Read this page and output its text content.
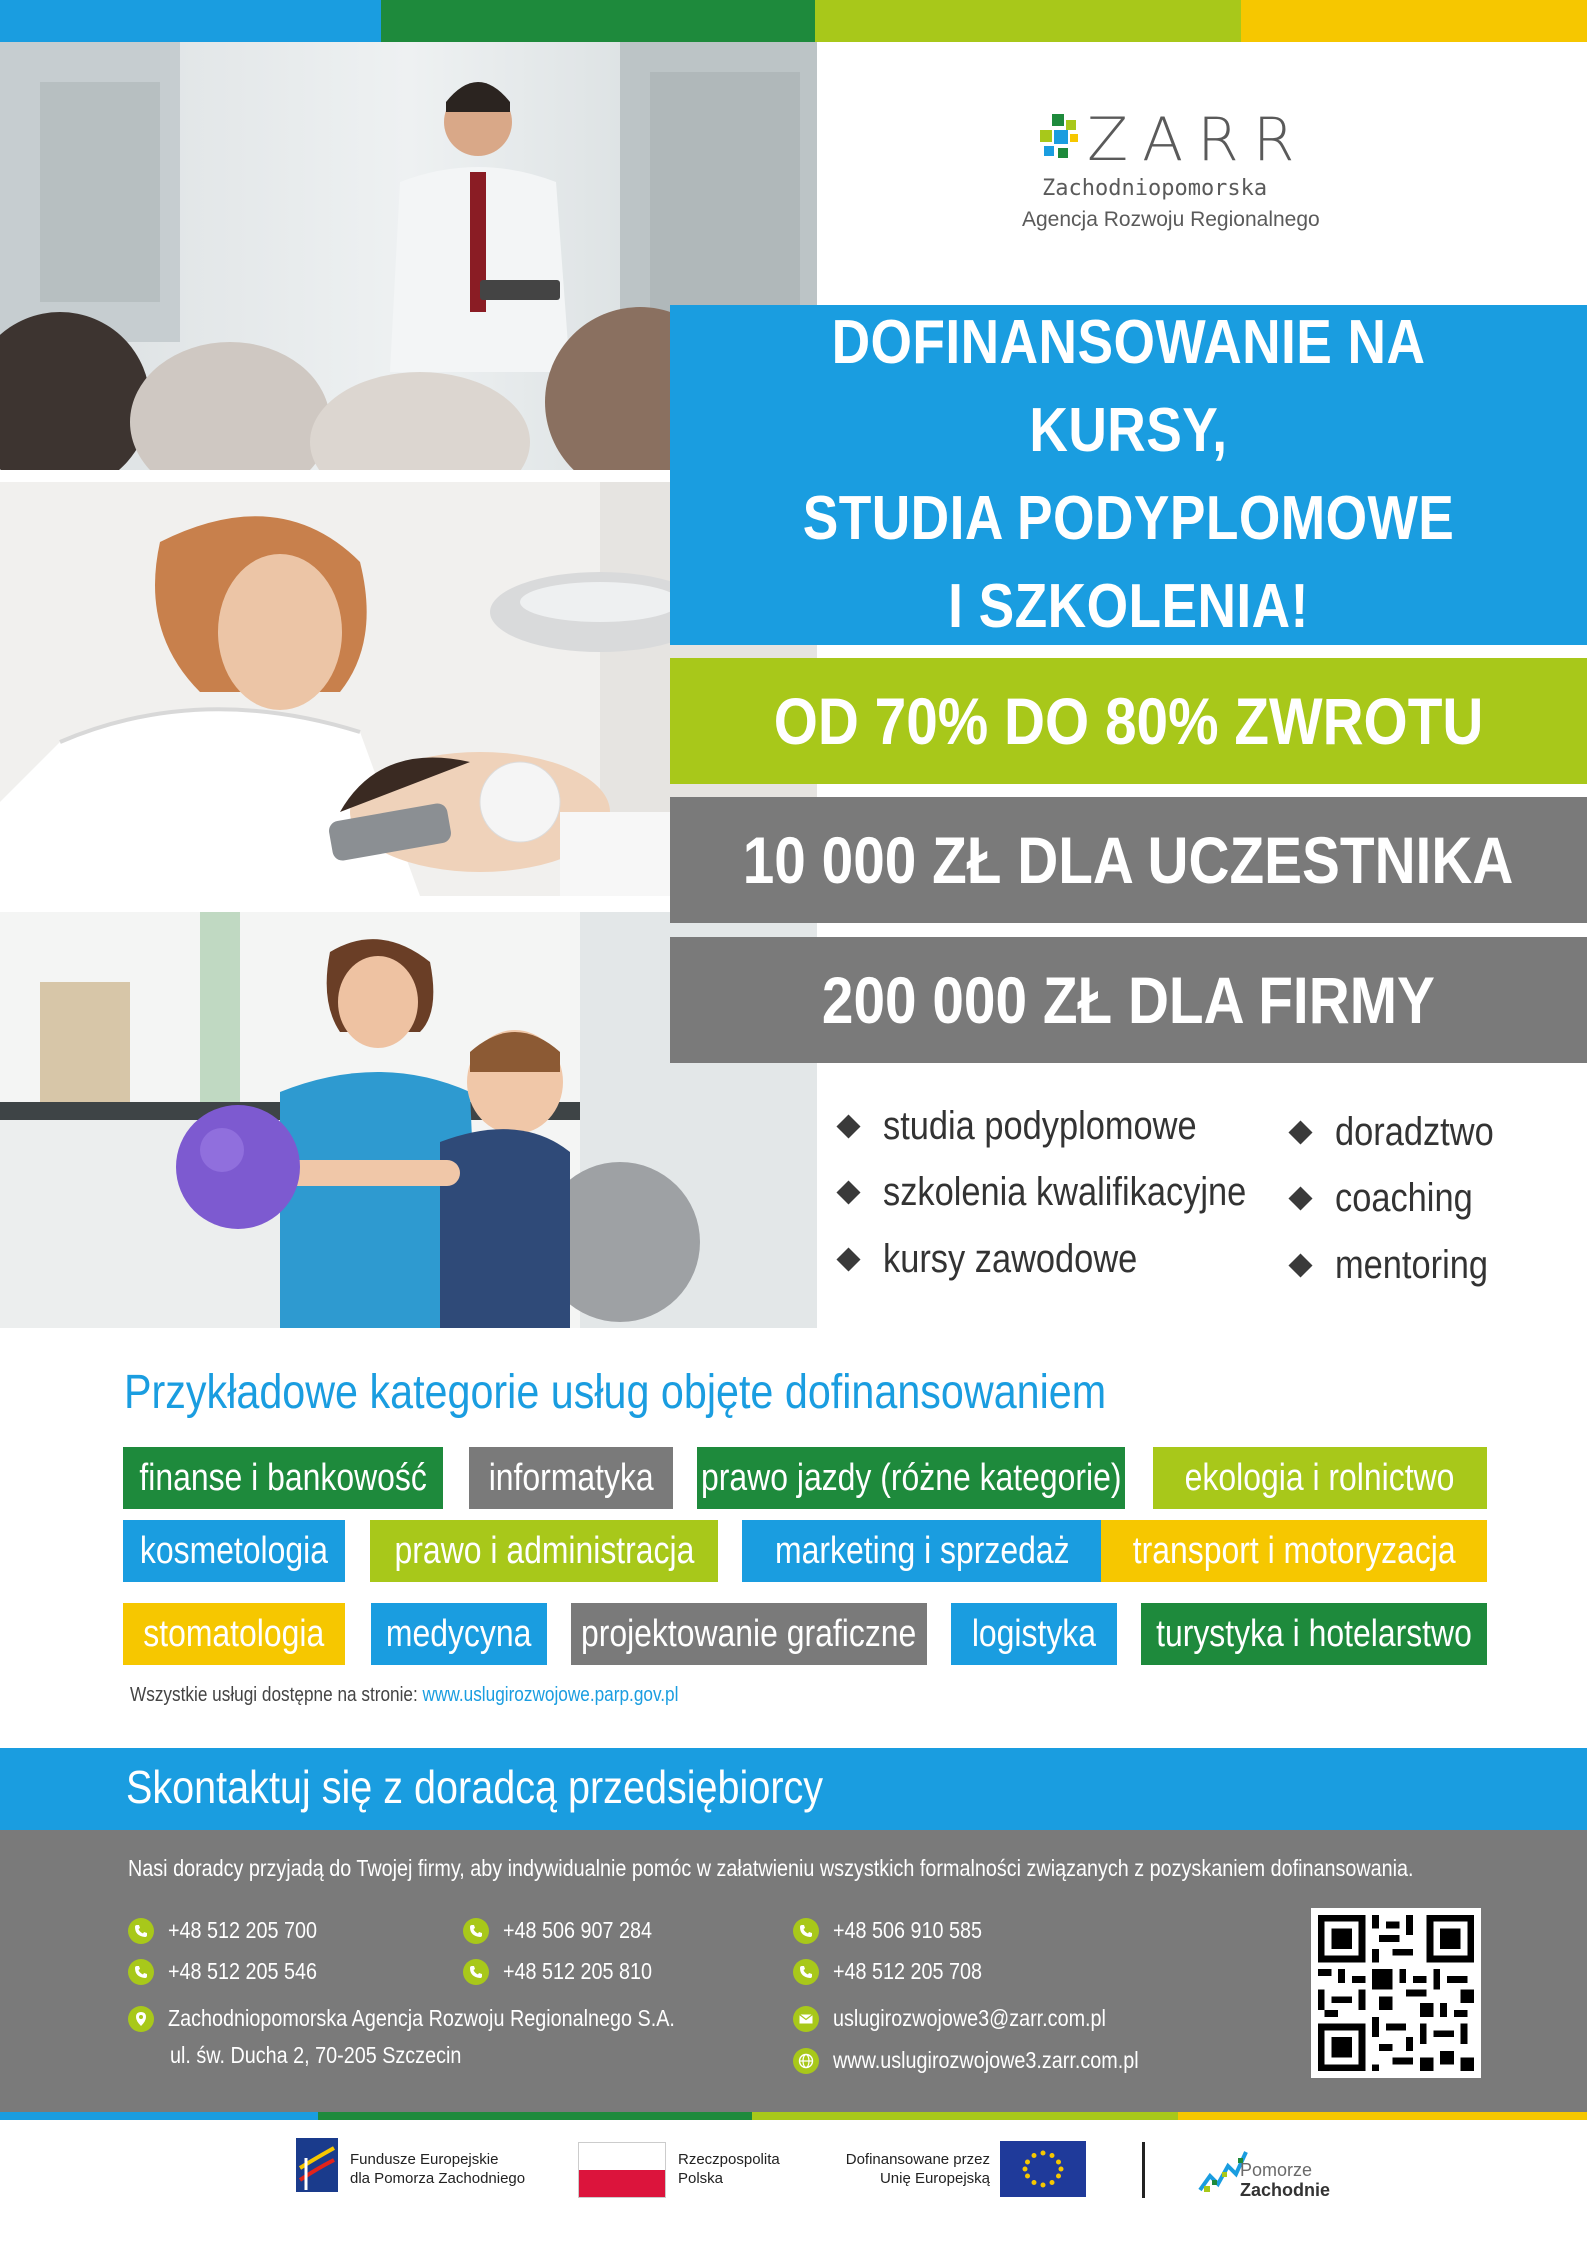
ZARR
Zachodniopomorska
Agencja Rozwoju Regionalnego
DOFINANSOWANIE NA KURSY,
STUDIA PODYPLOMOWE
I SZKOLENIA!
OD 70% DO 80% ZWROTU
10 000 ZŁ DLA UCZESTNIKA
200 000 ZŁ DLA FIRMY
studia podyplomowe
szkolenia kwalifikacyjne
kursy zawodowe
doradztwo
coaching
mentoring
Przykładowe kategorie usług objęte dofinansowaniem
finanse i bankowość informatyka prawo jazdy (różne kategorie) ekologia i rolnictwo
kosmetologia prawo i administracja marketing i sprzedaż transport i motoryzacja
stomatologia medycyna projektowanie graficzne logistyka turystyka i hotelarstwo
Wszystkie usługi dostępne na stronie: www.uslugirozwojowe.parp.gov.pl
Skontaktuj się z doradcą przedsiębiorcy
Nasi doradcy przyjadą do Twojej firmy, aby indywidualnie pomóc w załatwieniu wszystkich formalności związanych z pozyskaniem dofinansowania.
+48 512 205 700
+48 512 205 546
+48 506 907 284
+48 512 205 810
+48 506 910 585
+48 512 205 708
Zachodniopomorska Agencja Rozwoju Regionalnego S.A.
ul. św. Ducha 2, 70-205 Szczecin
uslugirozwojowe3@zarr.com.pl
www.uslugirozwojowe3.zarr.com.pl
Fundusze Europejskie
dla Pomorza Zachodniego
Rzeczpospolita
Polska
Dofinansowane przez
Unię Europejską	Pomorze
Zachodnie
